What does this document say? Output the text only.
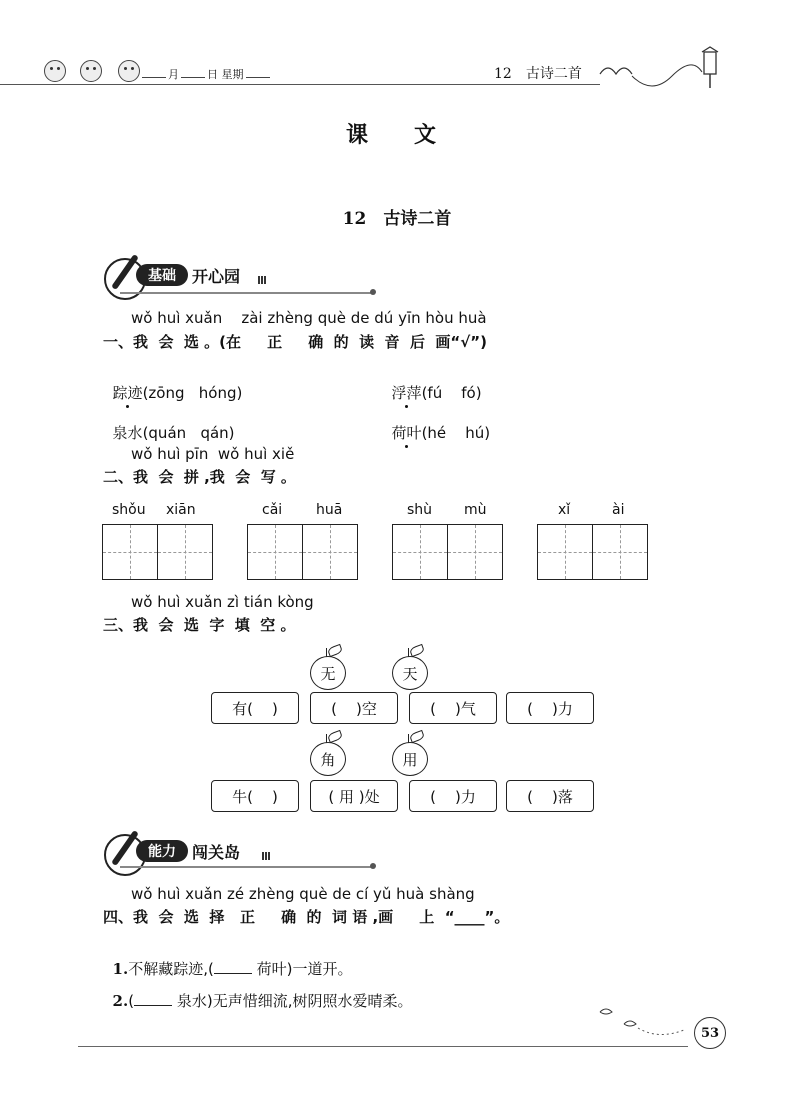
月	日 星期	12　古诗二首
课　文
12　古诗二首
基础	开心园
wǒ huì xuǎn    zài zhèng què de dú yīn hòu huà
一、我  会  选 。(在     正     确  的  读  音  后  画“√”)

踪迹(zōng   hóng)	浮萍(fú    fó)

泉水(quán   qán)	荷叶(hé    hú)

wǒ huì pīn  wǒ huì xiě
二、我  会  拼 ,我  会  写 。
shǒu xiān	cǎi huā	shù mù	xǐ	ài
wǒ huì xuǎn zì tián kòng
三、我  会  选  字  填  空 。
无	天
有(    )	(    )空	(    )气	(    )力
角	用
牛(    )	( 用 )处	(    )力	(    )落
能力	闯关岛
wǒ huì xuǎn zé zhèng què de cí yǔ huà shàng
四、我  会  选  择   正     确  的  词 语 ,画     上  “____”。

1.不解藏踪迹,(	荷叶)一道开。

2.(	泉水)无声惜细流,树阴照水爱晴柔。

53
